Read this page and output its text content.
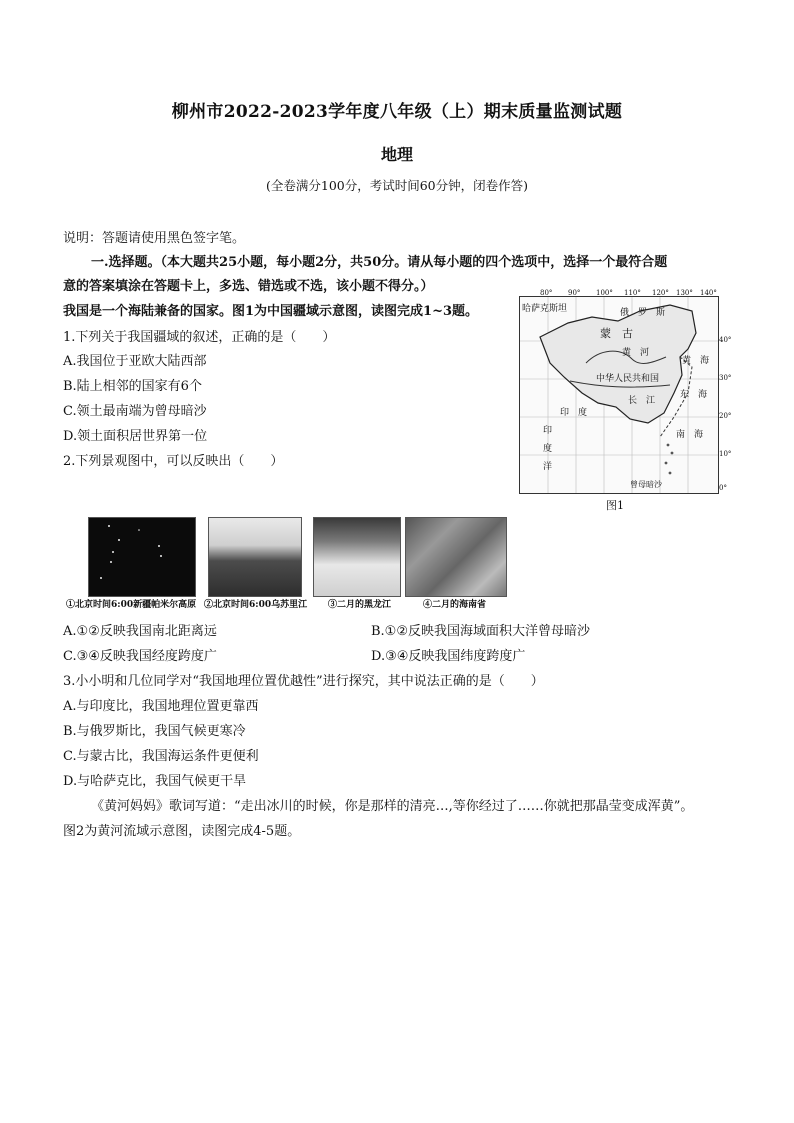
柳州市2022-2023学年度八年级（上）期末质量监测试题
地理
(全卷满分100分，考试时间60分钟，闭卷作答)
说明：答题请使用黑色签字笔。
一.选择题。（本大题共25小题，每小题2分，共50分。请从每小题的四个选项中，选择一个最符合题
意的答案填涂在答题卡上，多选、错选或不选，该小题不得分。）
我国是一个海陆兼备的国家。图1为中国疆域示意图，读图完成1~3题。
1.下列关于我国疆域的叙述，正确的是（　　）
A.我国位于亚欧大陆西部
B.陆上相邻的国家有6个
C.领土最南端为曾母暗沙
D.领土面积居世界第一位
2.下列景观图中，可以反映出（　　）
哈萨克斯坦	俄　罗　斯
蒙　古
中华人民共和国
黄　河
长　江
黄　海
东　海
南　海
印　度　洋
印　度
曾母暗沙
80° 90° 100° 110° 120° 130° 140°
40°
30°
20°
10°
0°
图1
①北京时间6:00新疆帕米尔高原 ②北京时间6:00乌苏里江 ③二月的黑龙江	④二月的海南省
A.①②反映我国南北距离远	B.①②反映我国海域面积大洋曾母暗沙
C.③④反映我国经度跨度广	D.③④反映我国纬度跨度广
3.小小明和几位同学对“我国地理位置优越性”进行探究，其中说法正确的是（　　）
A.与印度比，我国地理位置更靠西
B.与俄罗斯比，我国气候更寒冷
C.与蒙古比，我国海运条件更便利
D.与哈萨克比，我国气候更干旱
《黄河妈妈》歌词写道：“走出冰川的时候，你是那样的清亮…,等你经过了……你就把那晶莹变成浑黄”。
图2为黄河流域示意图，读图完成4-5题。
